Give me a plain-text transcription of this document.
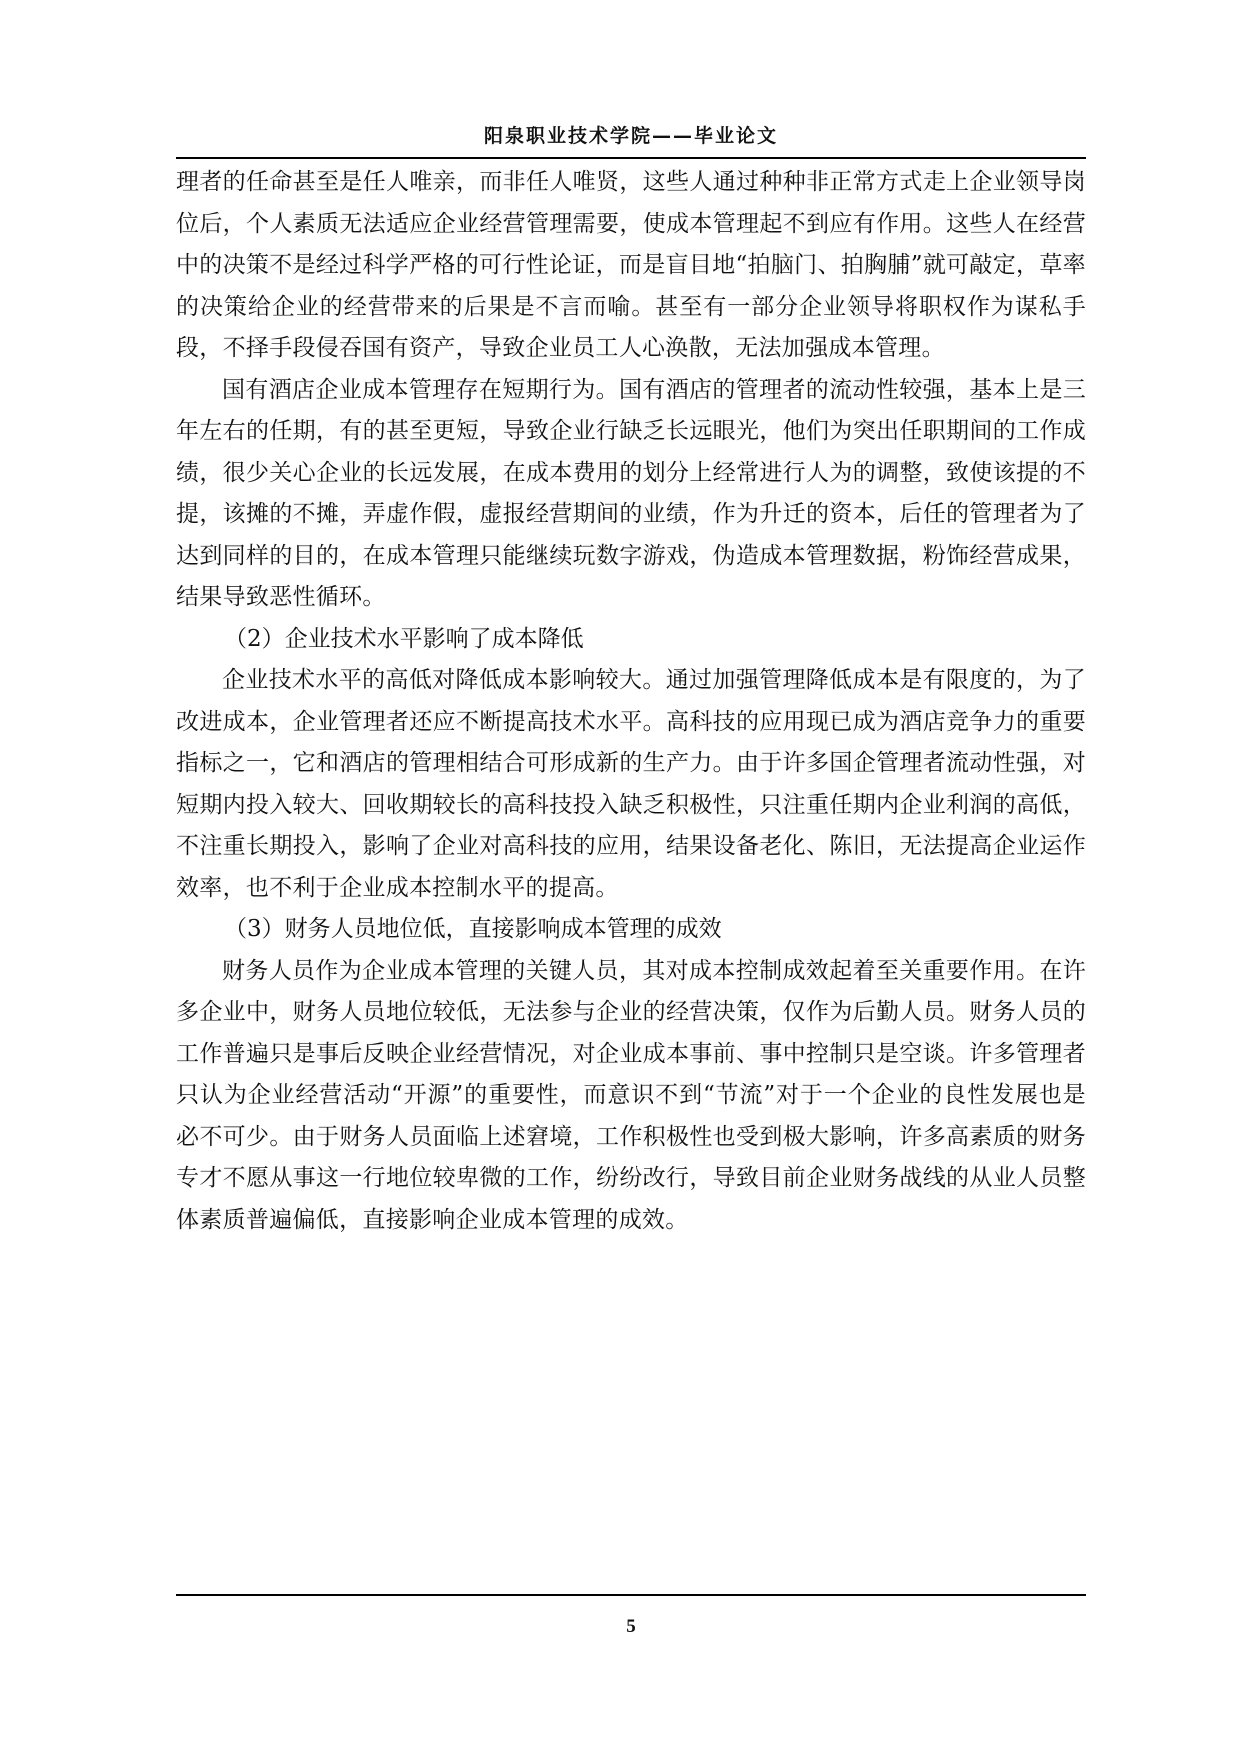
阳泉职业技术学院——毕业论文

理者的任命甚至是任人唯亲，而非任人唯贤，这些人通过种种非正常方式走上企业领导岗位后，个人素质无法适应企业经营管理需要，使成本管理起不到应有作用。这些人在经营中的决策不是经过科学严格的可行性论证，而是盲目地“拍脑门、拍胸脯”就可敲定，草率的决策给企业的经营带来的后果是不言而喻。甚至有一部分企业领导将职权作为谋私手段，不择手段侵吞国有资产，导致企业员工人心涣散，无法加强成本管理。

国有酒店企业成本管理存在短期行为。国有酒店的管理者的流动性较强，基本上是三年左右的任期，有的甚至更短，导致企业行缺乏长远眼光，他们为突出任职期间的工作成绩，很少关心企业的长远发展，在成本费用的划分上经常进行人为的调整，致使该提的不提，该摊的不摊，弄虚作假，虚报经营期间的业绩，作为升迁的资本，后任的管理者为了达到同样的目的，在成本管理只能继续玩数字游戏，伪造成本管理数据，粉饰经营成果，结果导致恶性循环。

（2）企业技术水平影响了成本降低

企业技术水平的高低对降低成本影响较大。通过加强管理降低成本是有限度的，为了改进成本，企业管理者还应不断提高技术水平。高科技的应用现已成为酒店竞争力的重要指标之一，它和酒店的管理相结合可形成新的生产力。由于许多国企管理者流动性强，对短期内投入较大、回收期较长的高科技投入缺乏积极性，只注重任期内企业利润的高低，不注重长期投入，影响了企业对高科技的应用，结果设备老化、陈旧，无法提高企业运作效率，也不利于企业成本控制水平的提高。

（3）财务人员地位低，直接影响成本管理的成效

财务人员作为企业成本管理的关键人员，其对成本控制成效起着至关重要作用。在许多企业中，财务人员地位较低，无法参与企业的经营决策，仅作为后勤人员。财务人员的工作普遍只是事后反映企业经营情况，对企业成本事前、事中控制只是空谈。许多管理者只认为企业经营活动“开源”的重要性，而意识不到“节流”对于一个企业的良性发展也是必不可少。由于财务人员面临上述窘境，工作积极性也受到极大影响，许多高素质的财务专才不愿从事这一行地位较卑微的工作，纷纷改行，导致目前企业财务战线的从业人员整体素质普遍偏低，直接影响企业成本管理的成效。

5
